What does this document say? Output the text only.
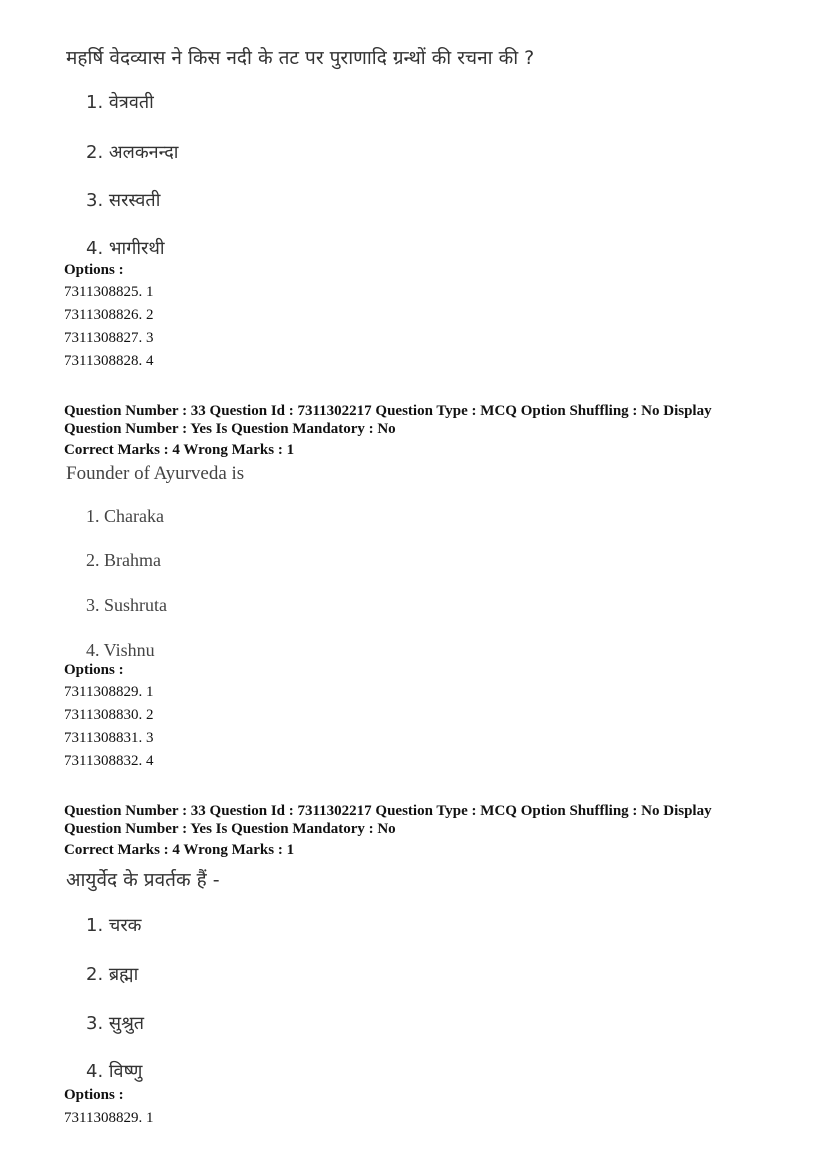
महर्षि वेदव्यास ने किस नदी के तट पर पुराणादि ग्रन्थों की रचना की ?
1. वेत्रवती
2. अलकनन्दा
3. सरस्वती
4. भागीरथी
Options :
7311308825. 1
7311308826. 2
7311308827. 3
7311308828. 4
Question Number : 33 Question Id : 7311302217 Question Type : MCQ Option Shuffling : No Display
Question Number : Yes Is Question Mandatory : No
Correct Marks : 4 Wrong Marks : 1
Founder of Ayurveda is
1. Charaka
2. Brahma
3. Sushruta
4. Vishnu
Options :
7311308829. 1
7311308830. 2
7311308831. 3
7311308832. 4
Question Number : 33 Question Id : 7311302217 Question Type : MCQ Option Shuffling : No Display
Question Number : Yes Is Question Mandatory : No
Correct Marks : 4 Wrong Marks : 1
आयुर्वेद के प्रवर्तक हैं -
1. चरक
2. ब्रह्मा
3. सुश्रुत
4. विष्णु
Options :
7311308829. 1
